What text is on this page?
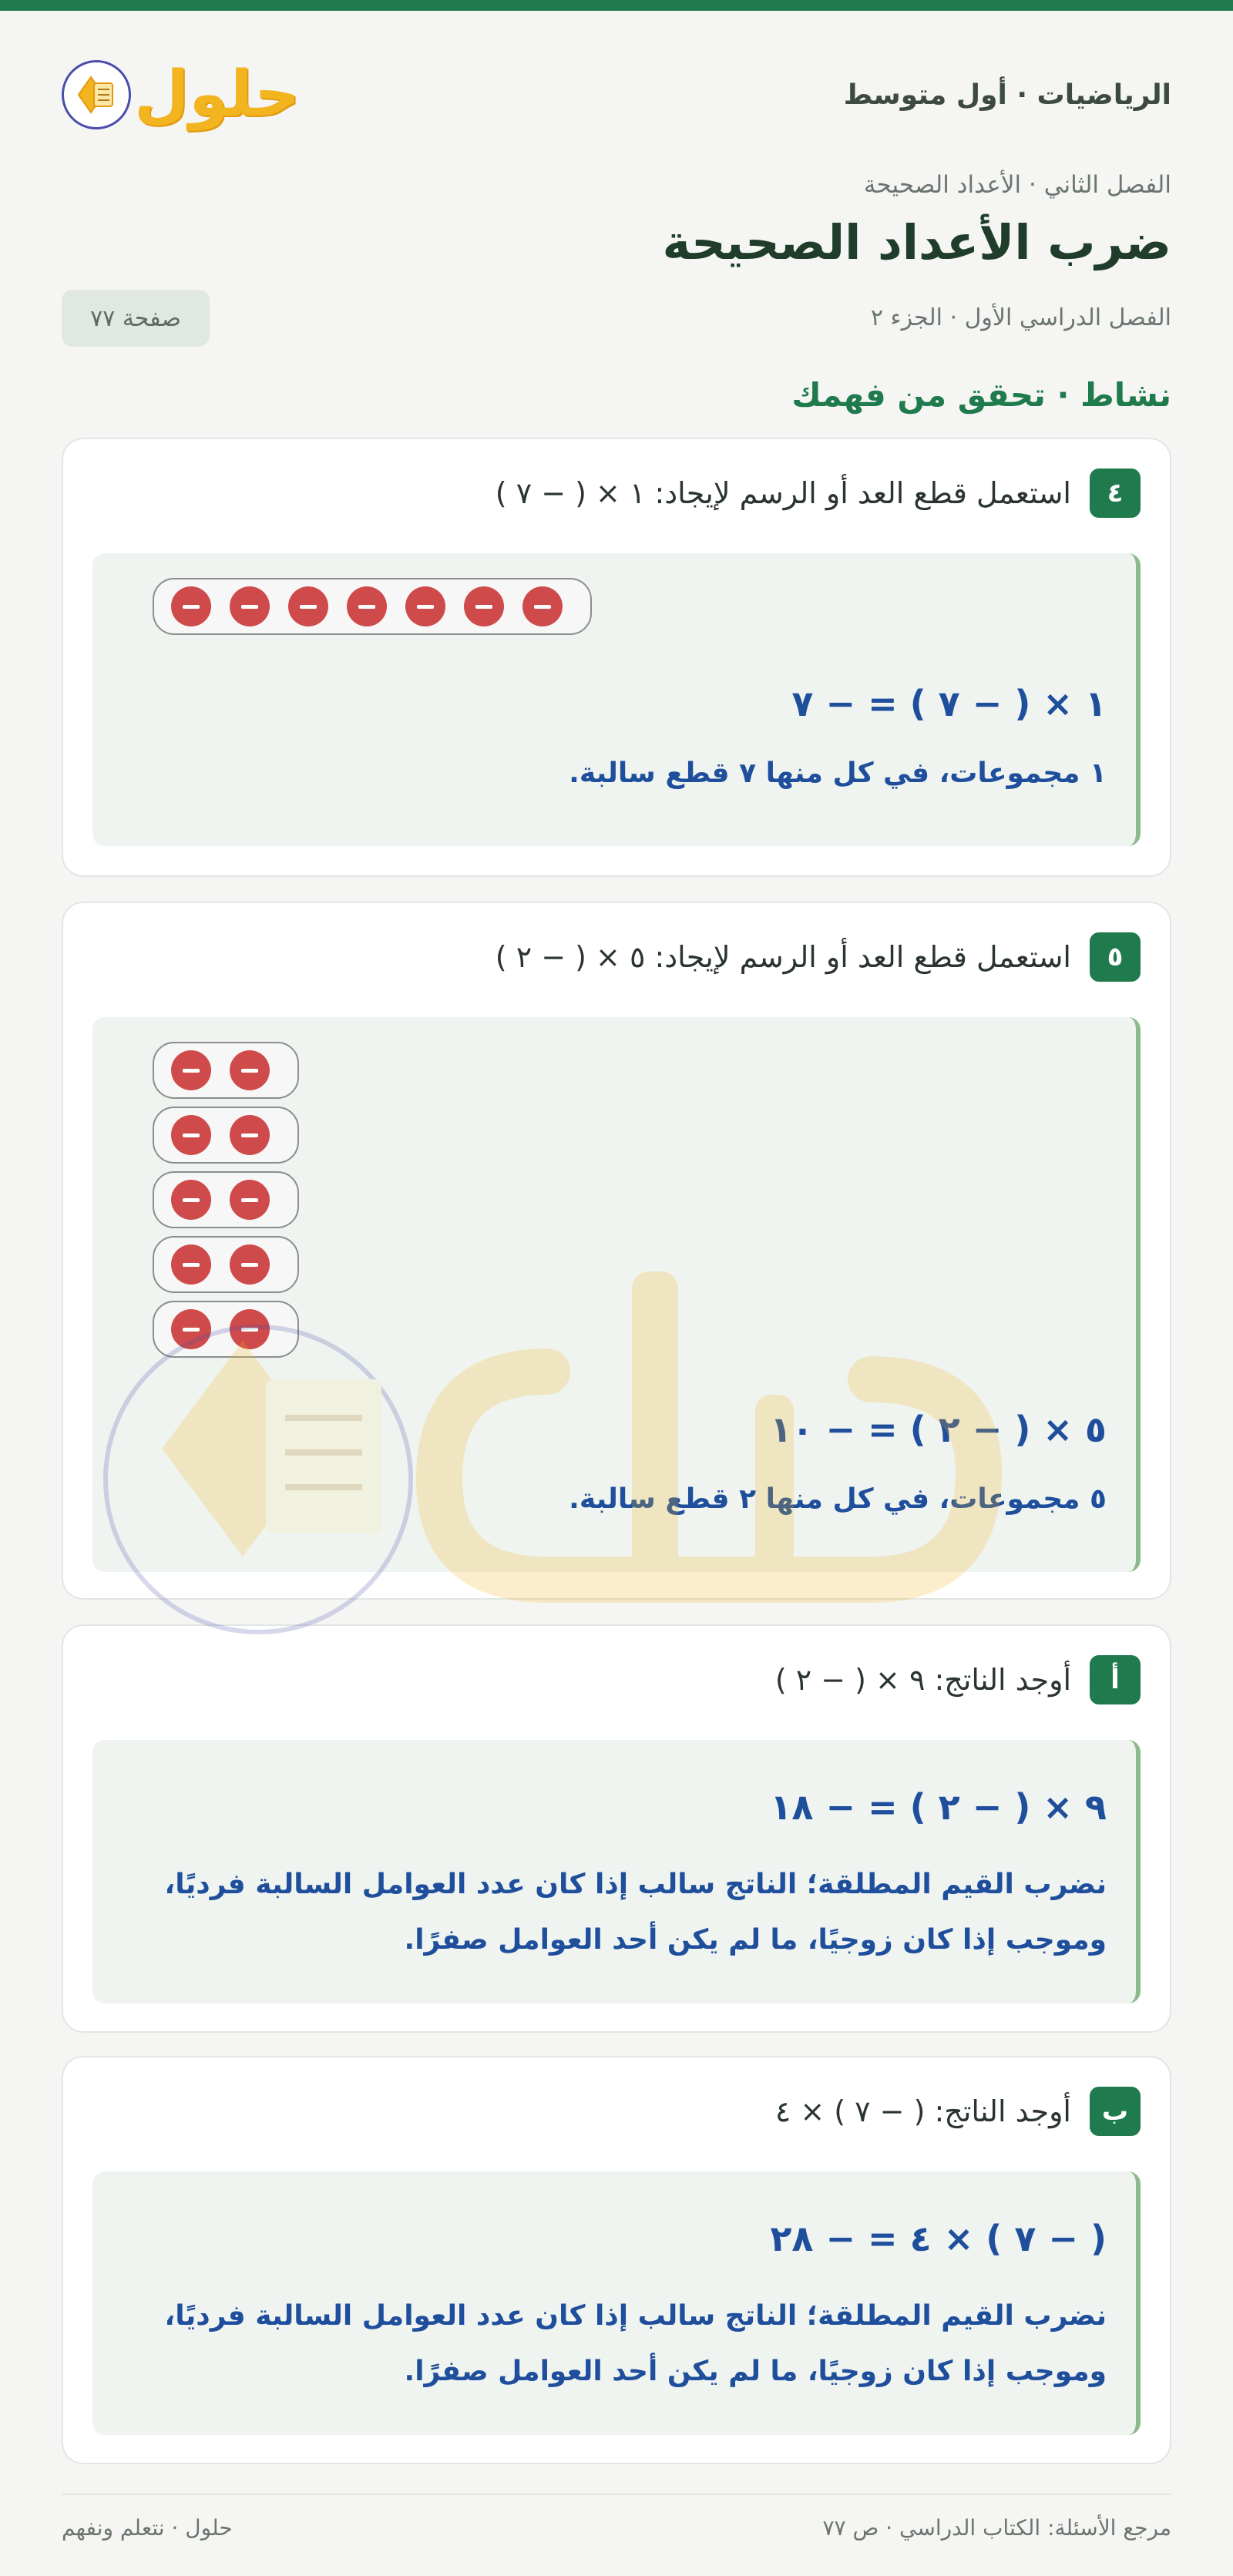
الرياضيات · أول متوسط
حلول
الفصل الثاني · الأعداد الصحيحة
ضرب الأعداد الصحيحة
الفصل الدراسي الأول · الجزء ٢
صفحة ٧٧
نشاط · تحقق من فهمك
٤
استعمل قطع العد أو الرسم لإيجاد: ١ × ( − ٧ )
١ × ( − ٧ ) = − ٧
١ مجموعات، في كل منها ٧ قطع سالبة.
٥
استعمل قطع العد أو الرسم لإيجاد: ٥ × ( − ٢ )
٥ × ( − ٢ ) = − ١٠
٥ مجموعات، في كل منها ٢ قطع سالبة.
أ
أوجد الناتج: ٩ × ( − ٢ )
٩ × ( − ٢ ) = − ١٨
نضرب القيم المطلقة؛ الناتج سالب إذا كان عدد العوامل السالبة فرديًا،
وموجب إذا كان زوجيًا، ما لم يكن أحد العوامل صفرًا.
ب
أوجد الناتج: ( − ٧ ) × ٤
( − ٧ ) × ٤ = − ٢٨
نضرب القيم المطلقة؛ الناتج سالب إذا كان عدد العوامل السالبة فرديًا،
وموجب إذا كان زوجيًا، ما لم يكن أحد العوامل صفرًا.
مرجع الأسئلة: الكتاب الدراسي · ص ٧٧
حلول · نتعلم ونفهم
